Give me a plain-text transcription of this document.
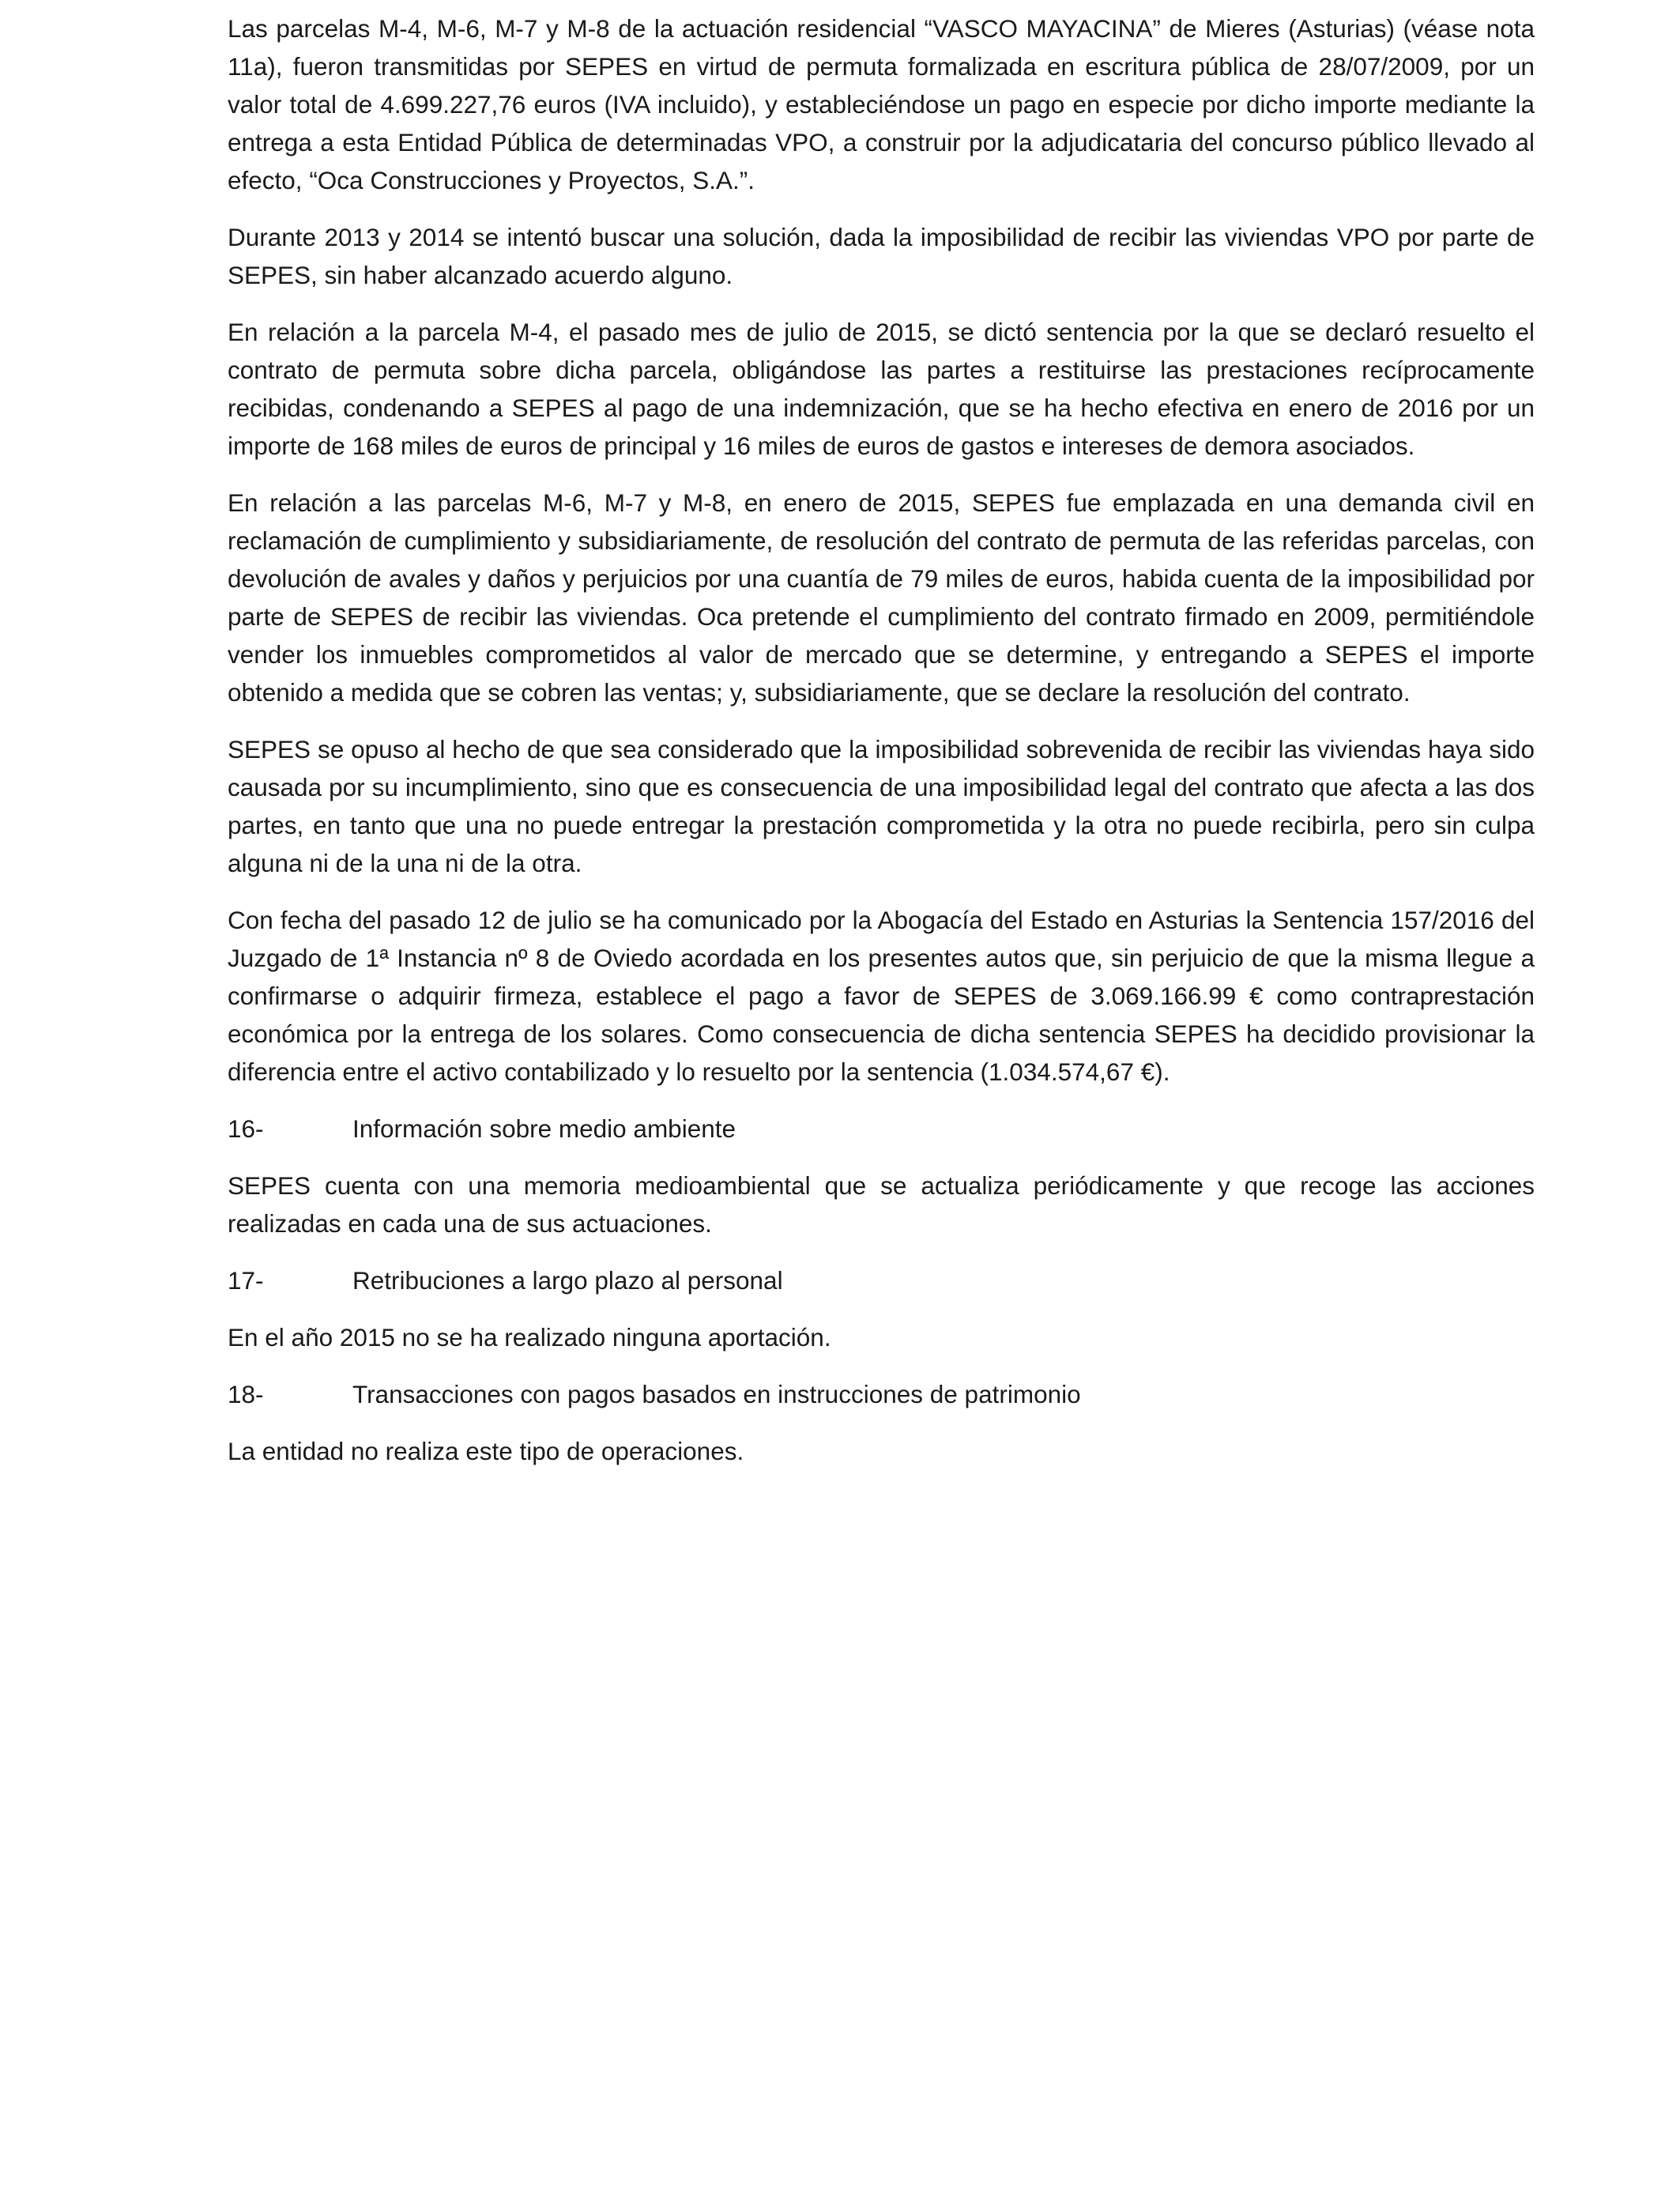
Las parcelas M-4, M-6, M-7 y M-8 de la actuación residencial “VASCO MAYACINA” de Mieres (Asturias) (véase nota 11a), fueron transmitidas por SEPES en virtud de permuta formalizada en escritura pública de 28/07/2009, por un valor total de 4.699.227,76 euros (IVA incluido), y estableciéndose un pago en especie por dicho importe mediante la entrega a esta Entidad Pública de determinadas VPO, a construir por la adjudicataria del concurso público llevado al efecto, “Oca Construcciones y Proyectos, S.A.”.

Durante 2013 y 2014 se intentó buscar una solución, dada la imposibilidad de recibir las viviendas VPO por parte de SEPES, sin haber alcanzado acuerdo alguno.

En relación a la parcela M-4, el pasado mes de julio de 2015, se dictó sentencia por la que se declaró resuelto el contrato de permuta sobre dicha parcela, obligándose las partes a restituirse las prestaciones recíprocamente recibidas, condenando a SEPES al pago de una indemnización, que se ha hecho efectiva en enero de 2016 por un importe de 168 miles de euros de principal y 16 miles de euros de gastos e intereses de demora asociados.

En relación a las parcelas M-6, M-7 y M-8, en enero de 2015, SEPES fue emplazada en una demanda civil en reclamación de cumplimiento y subsidiariamente, de resolución del contrato de permuta de las referidas parcelas, con devolución de avales y daños y perjuicios por una cuantía de 79 miles de euros, habida cuenta de la imposibilidad por parte de SEPES de recibir las viviendas. Oca pretende el cumplimiento del contrato firmado en 2009, permitiéndole vender los inmuebles comprometidos al valor de mercado que se determine, y entregando a SEPES el importe obtenido a medida que se cobren las ventas; y, subsidiariamente, que se declare la resolución del contrato.

SEPES se opuso al hecho de que sea considerado que la imposibilidad sobrevenida de recibir las viviendas haya sido causada por su incumplimiento, sino que es consecuencia de una imposibilidad legal del contrato que afecta a las dos partes, en tanto que una no puede entregar la prestación comprometida y la otra no puede recibirla, pero sin culpa alguna ni de la una ni de la otra.

Con fecha del pasado 12 de julio se ha comunicado por la Abogacía del Estado en Asturias la Sentencia 157/2016 del Juzgado de 1ª Instancia nº 8 de Oviedo acordada en los presentes autos que, sin perjuicio de que la misma llegue a confirmarse o adquirir firmeza, establece el pago a favor de SEPES de 3.069.166.99 € como contraprestación económica por la entrega de los solares. Como consecuencia de dicha sentencia SEPES ha decidido provisionar la diferencia entre el activo contabilizado y lo resuelto por la sentencia (1.034.574,67 €).

16-	Información sobre medio ambiente

SEPES cuenta con una memoria medioambiental que se actualiza periódicamente y que recoge las acciones realizadas en cada una de sus actuaciones.

17-	Retribuciones a largo plazo al personal

En el año 2015 no se ha realizado ninguna aportación.

18-	Transacciones con pagos basados en instrucciones de patrimonio

La entidad no realiza este tipo de operaciones.
